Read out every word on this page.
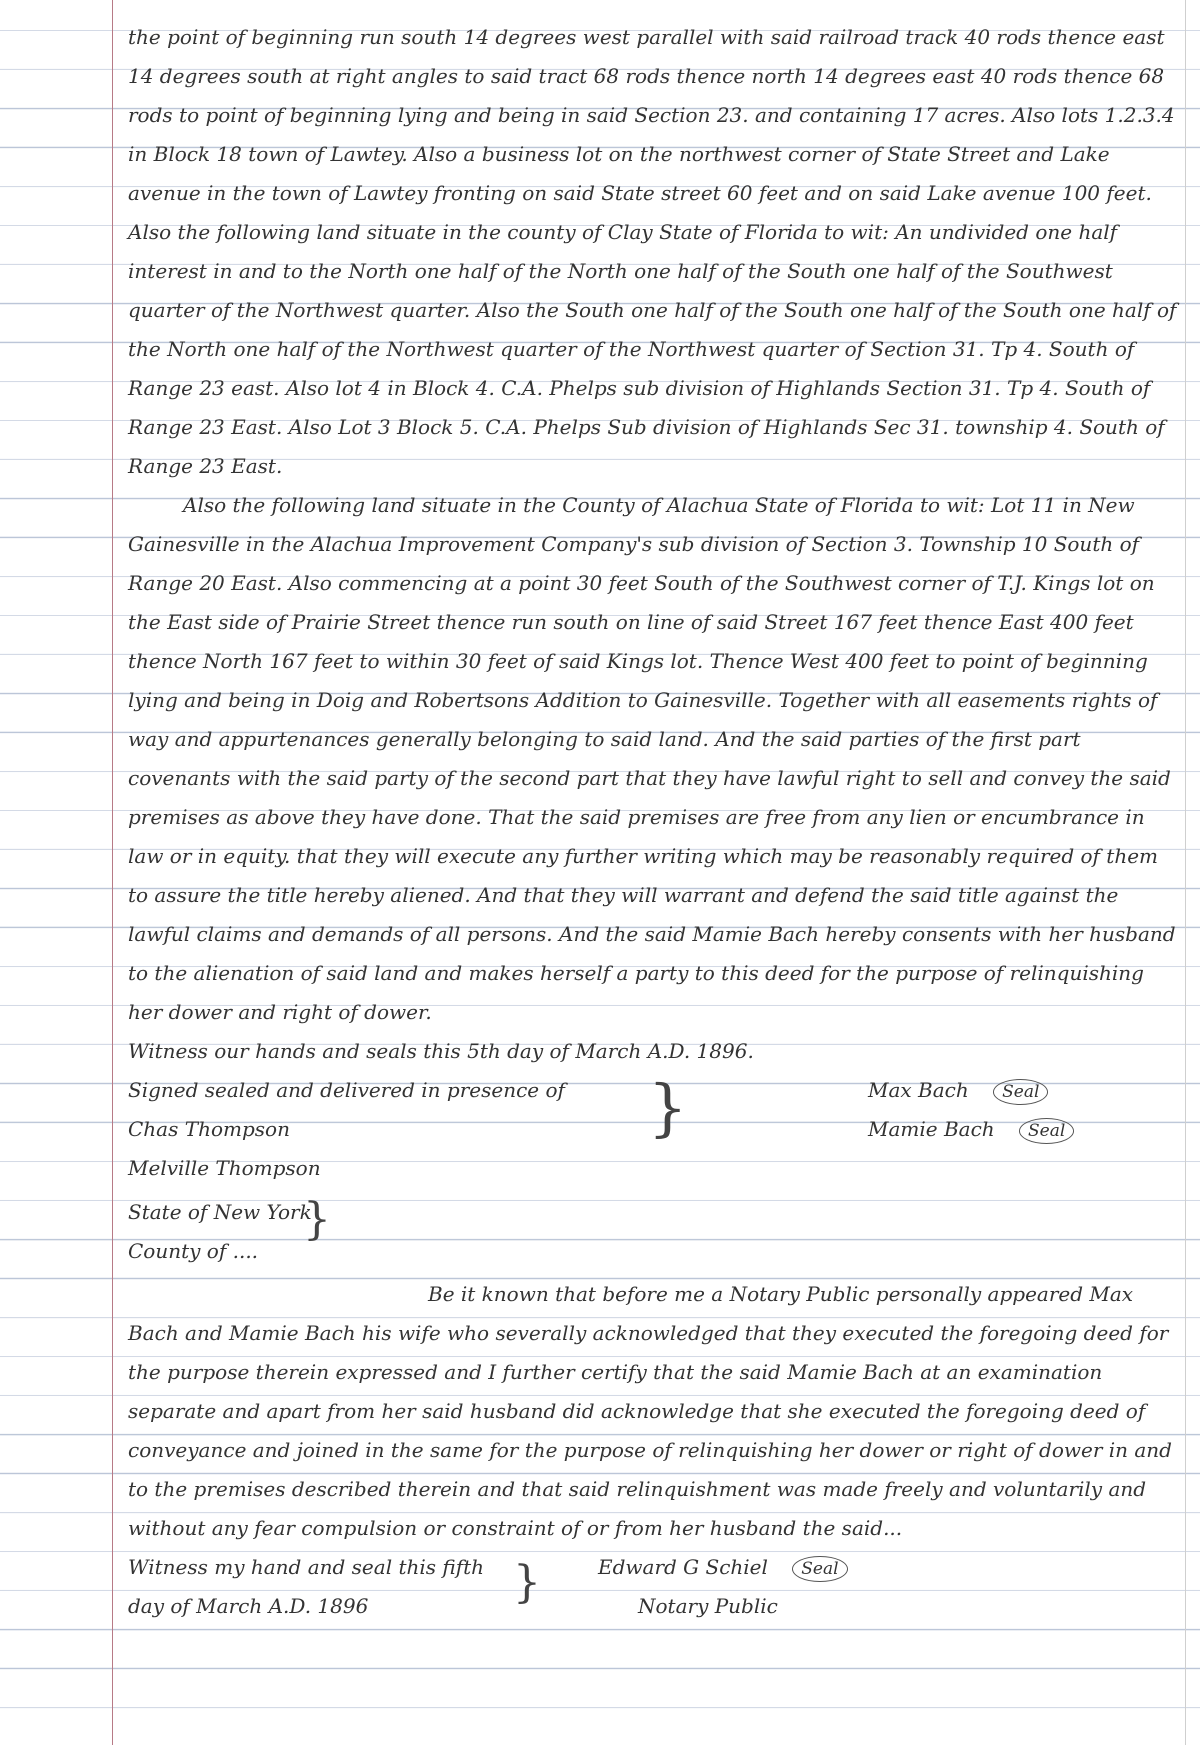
the point of beginning run south 14 degrees west parallel with said railroad track 40 rods thence east 14 degrees south at right angles to said tract 68 rods thence north 14 degrees east 40 rods thence 68 rods to point of beginning lying and being in said Section 23. and containing 17 acres. Also lots 1.2.3.4 in Block 18 town of Lawtey. Also a business lot on the northwest corner of State Street and Lake avenue in the town of Lawtey fronting on said State street 60 feet and on said Lake avenue 100 feet. Also the following land situate in the county of Clay State of Florida to wit: An undivided one half interest in and to the North one half of the North one half of the South one half of the Southwest quarter of the Northwest quarter. Also the South one half of the South one half of the South one half of the North one half of the Northwest quarter of the Northwest quarter of Section 31. Tp 4. South of Range 23 east. Also lot 4 in Block 4. C.A. Phelps sub division of Highlands Section 31. Tp 4. South of Range 23 East. Also Lot 3 Block 5. C.A. Phelps Sub division of Highlands Sec 31. township 4. South of Range 23 East.

Also the following land situate in the County of Alachua State of Florida to wit: Lot 11 in New Gainesville in the Alachua Improvement Company's sub division of Section 3. Township 10 South of Range 20 East. Also commencing at a point 30 feet South of the Southwest corner of T.J. Kings lot on the East side of Prairie Street thence run south on line of said Street 167 feet thence East 400 feet thence North 167 feet to within 30 feet of said Kings lot. Thence West 400 feet to point of beginning lying and being in Doig and Robertsons Addition to Gainesville. Together with all easements rights of way and appurtenances generally belonging to said land. And the said parties of the first part covenants with the said party of the second part that they have lawful right to sell and convey the said premises as above they have done. That the said premises are free from any lien or encumbrance in law or in equity. that they will execute any further writing which may be reasonably required of them to assure the title hereby aliened. And that they will warrant and defend the said title against the lawful claims and demands of all persons. And the said Mamie Bach hereby consents with her husband to the alienation of said land and makes herself a party to this deed for the purpose of relinquishing her dower and right of dower.

Witness our hands and seals this 5th day of March A.D. 1896.

Signed sealed and delivered in presence of
Chas Thompson
Melville Thompson
}	Max Bach Seal
Mamie Bach Seal
State of New York
County of ....
}

Be it known that before me a Notary Public personally appeared Max Bach and Mamie Bach his wife who severally acknowledged that they executed the foregoing deed for the purpose therein expressed and I further certify that the said Mamie Bach at an examination separate and apart from her said husband did acknowledge that she executed the foregoing deed of conveyance and joined in the same for the purpose of relinquishing her dower or right of dower in and to the premises described therein and that said relinquishment was made freely and voluntarily and without any fear compulsion or constraint of or from her husband the said...

Witness my hand and seal this fifth
day of March A.D. 1896	}	Edward G Schiel Seal
Notary Public
